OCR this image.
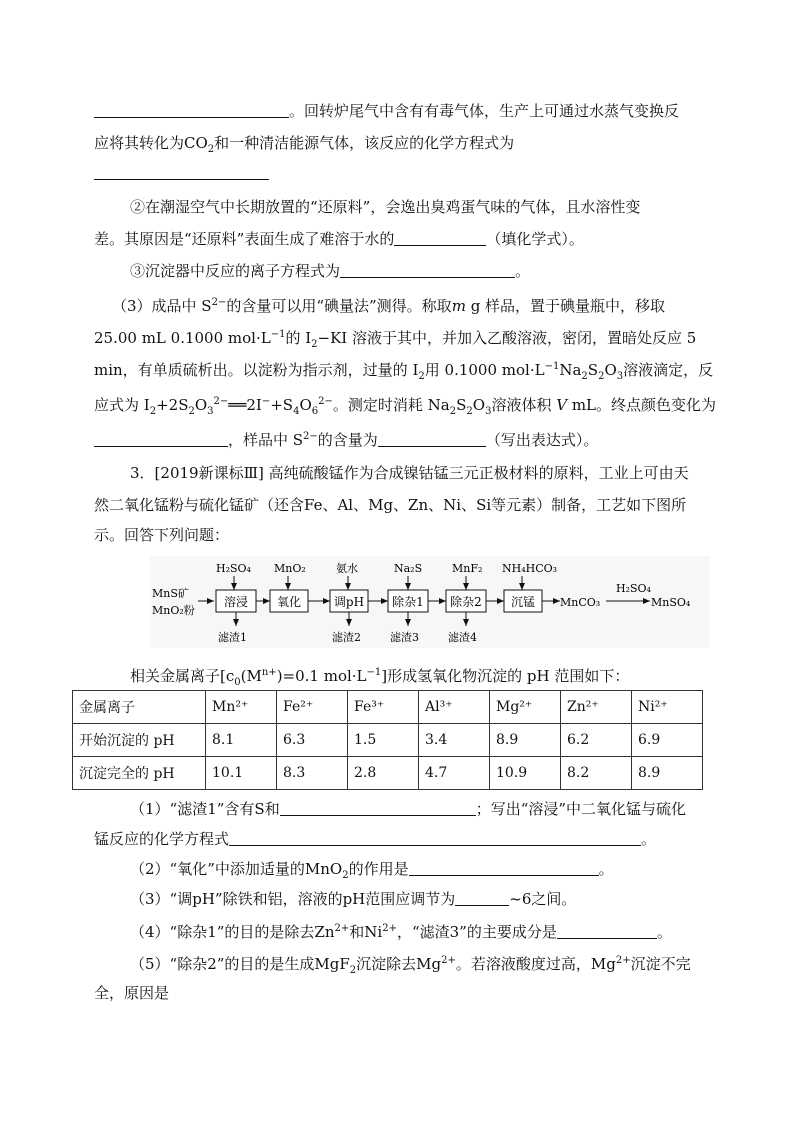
。回转炉尾气中含有有毒气体，生产上可通过水蒸气变换反
应将其转化为$CO_2$和一种清洁能源气体，该反应的化学方程式为
②在潮湿空气中长期放置的“还原料”，会逸出臭鸡蛋气味的气体，且水溶性变
差。其原因是“还原料”表面生成了难溶于水的	（填化学式）。
③沉淀器中反应的离子方程式为	。
（3）成品中 $S^{2-}$的含量可以用“碘量法”测得。称取m g 样品，置于碘量瓶中，移取
25.00 mL 0.1000 $mol\cdot L^{-1}$的 $I_2-KI$ 溶液于其中，并加入乙酸溶液，密闭，置暗处反应 5
min，有单质硫析出。以淀粉为指示剂，过量的 $I_2$用 0.1000 $mol\cdot L^{-1}Na_2S_2O_3$溶液滴定，反
应式为 $I_2+2S_2O_3^{2-}══2I^-+S_4O_6^{2-}$。测定时消耗 $Na_2S_2O_3$溶液体积 V mL。终点颜色变化为
，样品中 $S^{2-}$的含量为	（写出表达式）。
3．[2019新课标Ⅲ] 高纯硫酸锰作为合成镍钴锰三元正极材料的原料，工业上可由天
然二氧化锰粉与硫化锰矿（还含Fe、Al、Mg、Zn、Ni、Si等元素）制备，工艺如下图所
示。回答下列问题：
MnS矿
MnO₂粉
H₂SO₄ MnO₂	氨水	Na₂S	MnF₂ NH₄HCO₃
溶浸 氧化	调pH 除杂1 除杂2 沉锰 MnCO₃
H₂SO₄
MnSO₄
滤渣1	滤渣2	滤渣3	滤渣4
相关金属离子[$c_0(M^{n+})=0.1$ $mol\cdot L^{-1}$]形成氢氧化物沉淀的 pH 范围如下：
金属离子	Mn²⁺	Fe²⁺	Fe³⁺	Al³⁺	Mg²⁺	Zn²⁺	Ni²⁺
开始沉淀的 pH	8.1	6.3	1.5	3.4	8.9	6.2	6.9
沉淀完全的 pH	10.1	8.3	2.8	4.7	10.9	8.2	8.9
（1）“滤渣1”含有S和	；写出“溶浸”中二氧化锰与硫化
锰反应的化学方程式	。
（2）“氧化”中添加适量的MnO$_2$的作用是	。
（3）“调pH”除铁和铝，溶液的pH范围应调节为	~6之间。
（4）“除杂1”的目的是除去$Zn^{2+}$和$Ni^{2+}$，“滤渣3”的主要成分是	。
（5）“除杂2”的目的是生成MgF$_2$沉淀除去$Mg^{2+}$。若溶液酸度过高，$Mg^{2+}$沉淀不完
全，原因是
